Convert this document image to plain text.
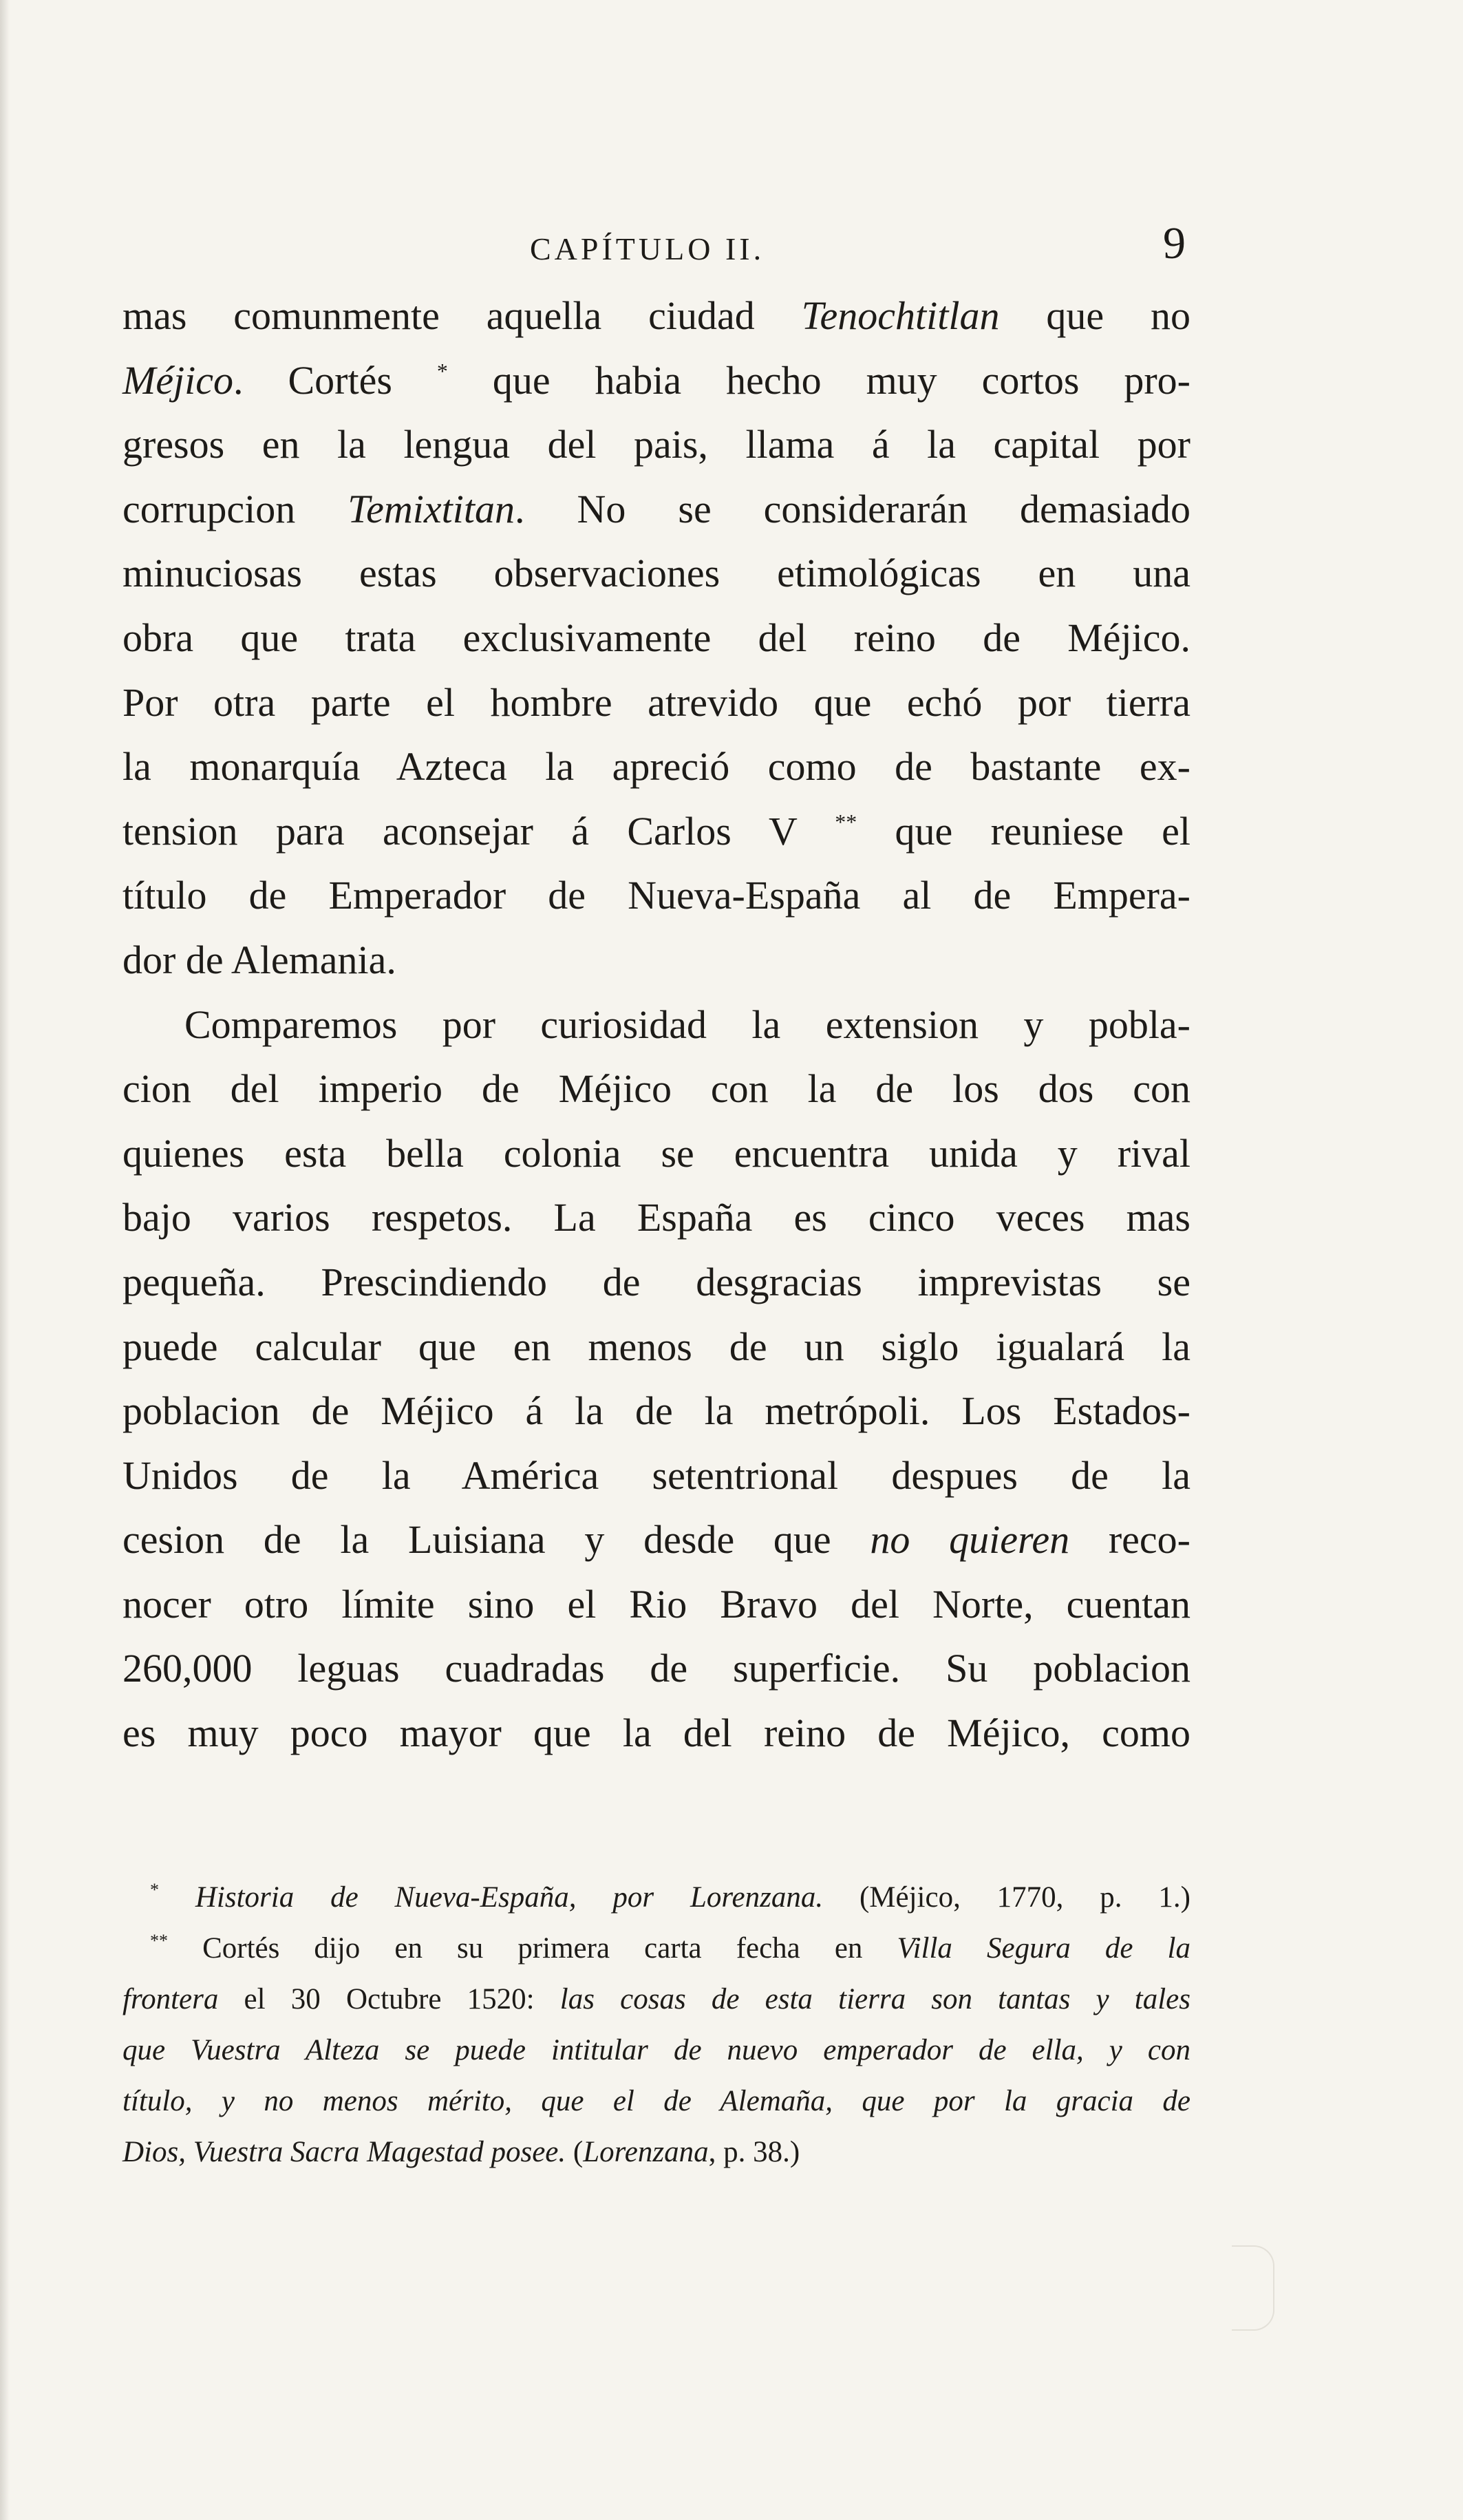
CAPÍTULO II.	9
mas comunmente aquella ciudad Tenochtitlan que no
Méjico. Cortés * que habia hecho muy cortos pro-
gresos en la lengua del pais, llama á la capital por
corrupcion Temixtitan. No se considerarán demasiado
minuciosas estas observaciones etimológicas en una
obra que trata exclusivamente del reino de Méjico.
Por otra parte el hombre atrevido que echó por tierra
la monarquía Azteca la apreció como de bastante ex-
tension para aconsejar á Carlos V ** que reuniese el
título de Emperador de Nueva-España al de Empera-
dor de Alemania.
Comparemos por curiosidad la extension y pobla-
cion del imperio de Méjico con la de los dos con
quienes esta bella colonia se encuentra unida y rival
bajo varios respetos. La España es cinco veces mas
pequeña. Prescindiendo de desgracias imprevistas se
puede calcular que en menos de un siglo igualará la
poblacion de Méjico á la de la metrópoli. Los Estados-
Unidos de la América setentrional despues de la
cesion de la Luisiana y desde que no quieren reco-
nocer otro límite sino el Rio Bravo del Norte, cuentan
260,000 leguas cuadradas de superficie. Su poblacion
es muy poco mayor que la del reino de Méjico, como
* Historia de Nueva-España, por Lorenzana. (Méjico, 1770, p. 1.)
** Cortés dijo en su primera carta fecha en Villa Segura de la
frontera el 30 Octubre 1520: las cosas de esta tierra son tantas y tales
que Vuestra Alteza se puede intitular de nuevo emperador de ella, y con
título, y no menos mérito, que el de Alemaña, que por la gracia de
Dios, Vuestra Sacra Magestad posee. (Lorenzana, p. 38.)
